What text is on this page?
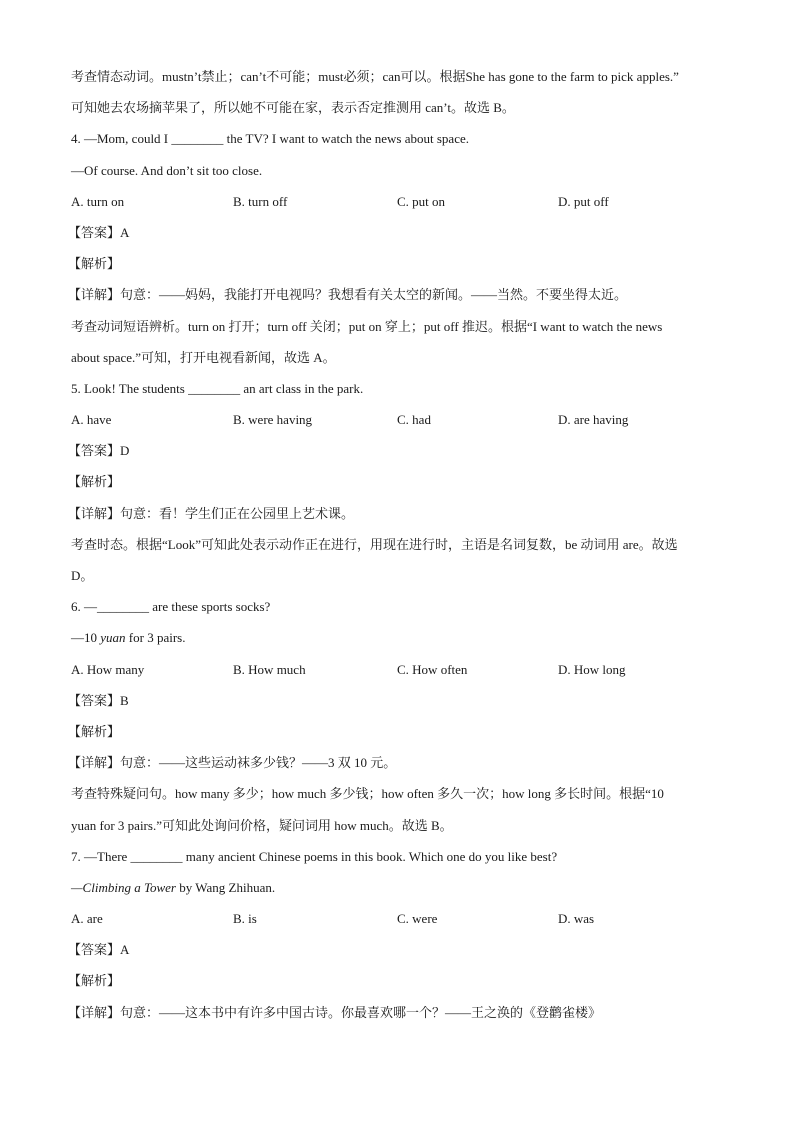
考查情态动词。mustn’t禁止；can’t不可能；must必须；can可以。根据She has gone to the farm to pick apples.”
可知她去农场摘苹果了，所以她不可能在家，表示否定推测用 can’t。故选 B。
4. —Mom, could I ________ the TV? I want to watch the news about space.
—Of course. And don’t sit too close.
A. turn on	B. turn off	C. put on	D. put off
【答案】A
【解析】
【详解】句意：——妈妈，我能打开电视吗？我想看有关太空的新闻。——当然。不要坐得太近。
考查动词短语辨析。turn on 打开；turn off 关闭；put on 穿上；put off 推迟。根据“I want to watch the news
about space.”可知，打开电视看新闻，故选 A。
5. Look! The students ________ an art class in the park.
A. have	B. were having	C. had	D. are having
【答案】D
【解析】
【详解】句意：看！学生们正在公园里上艺术课。
考查时态。根据“Look”可知此处表示动作正在进行，用现在进行时，主语是名词复数，be 动词用 are。故选
D。
6. —________ are these sports socks?
—10 yuan for 3 pairs.
A. How many	B. How much	C. How often	D. How long
【答案】B
【解析】
【详解】句意：——这些运动袜多少钱？——3 双 10 元。
考查特殊疑问句。how many 多少；how much 多少钱；how often 多久一次；how long 多长时间。根据“10
yuan for 3 pairs.”可知此处询问价格，疑问词用 how much。故选 B。
7. —There ________ many ancient Chinese poems in this book. Which one do you like best?
—Climbing a Tower by Wang Zhihuan.
A. are	B. is	C. were	D. was
【答案】A
【解析】
【详解】句意：——这本书中有许多中国古诗。你最喜欢哪一个？——王之涣的《登鹳雀楼》
